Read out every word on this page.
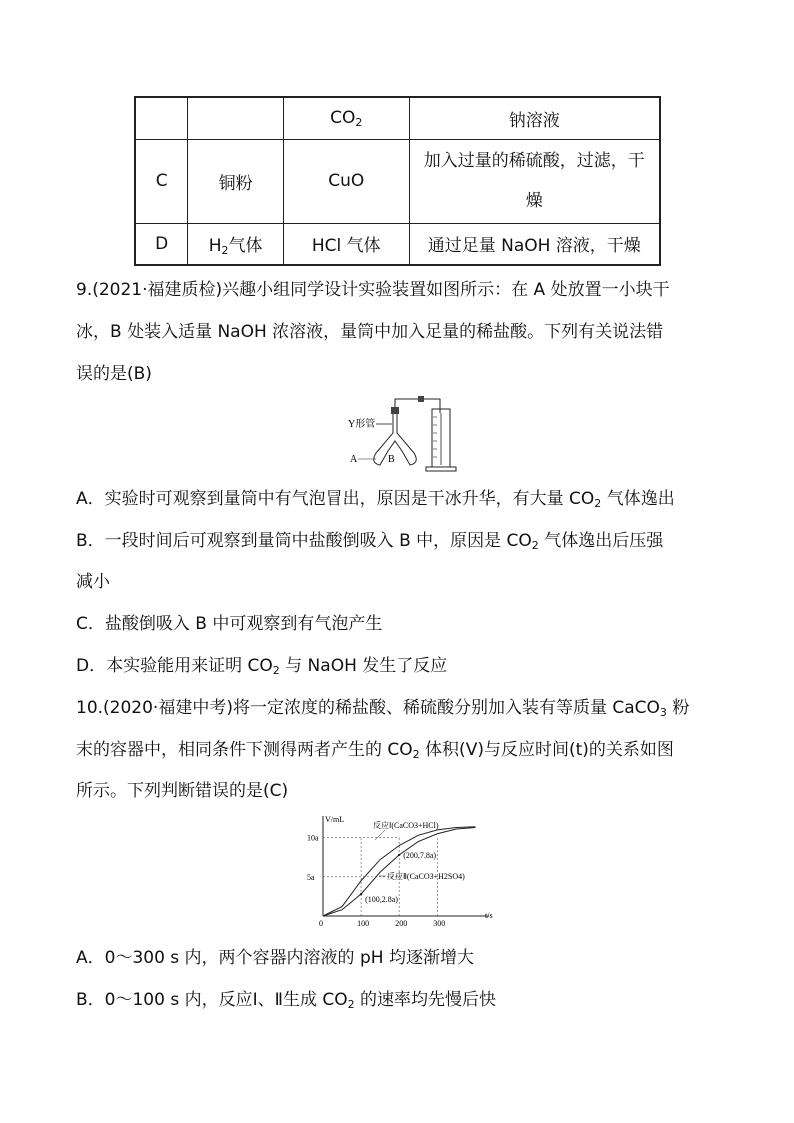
		$CO_2$	钠溶液
C	铜粉	CuO	加入过量的稀硫酸，过滤，干
燥

D	$H_2$气体	HCl 气体	通过足量 NaOH 溶液，干燥
9.(2021·福建质检)兴趣小组同学设计实验装置如图所示：在 A 处放置一小块干
冰，B 处装入适量 NaOH 浓溶液，量筒中加入足量的稀盐酸。下列有关说法错
误的是(B)
Y形管
A	B
A．实验时可观察到量筒中有气泡冒出，原因是干冰升华，有大量 $CO_2$ 气体逸出
B．一段时间后可观察到量筒中盐酸倒吸入 B 中，原因是 $CO_2$ 气体逸出后压强
减小
C．盐酸倒吸入 B 中可观察到有气泡产生
D．本实验能用来证明 $CO_2$ 与 NaOH 发生了反应
10.(2020·福建中考)将一定浓度的稀盐酸、稀硫酸分别加入装有等质量 CaCO$_3$ 粉
末的容器中，相同条件下测得两者产生的 $CO_2$ 体积(V)与反应时间(t)的关系如图
所示。下列判断错误的是(C)
t/s
V/mL
0	100	200	300
5a
10a
反应Ⅰ(CaCO3+HCl)
反应Ⅱ(CaCO3+H2SO4)
(200,7.8a)
(100,2.8a)
A．0～300 s 内，两个容器内溶液的 pH 均逐渐增大
B．0～100 s 内，反应Ⅰ、Ⅱ生成 $CO_2$ 的速率均先慢后快
